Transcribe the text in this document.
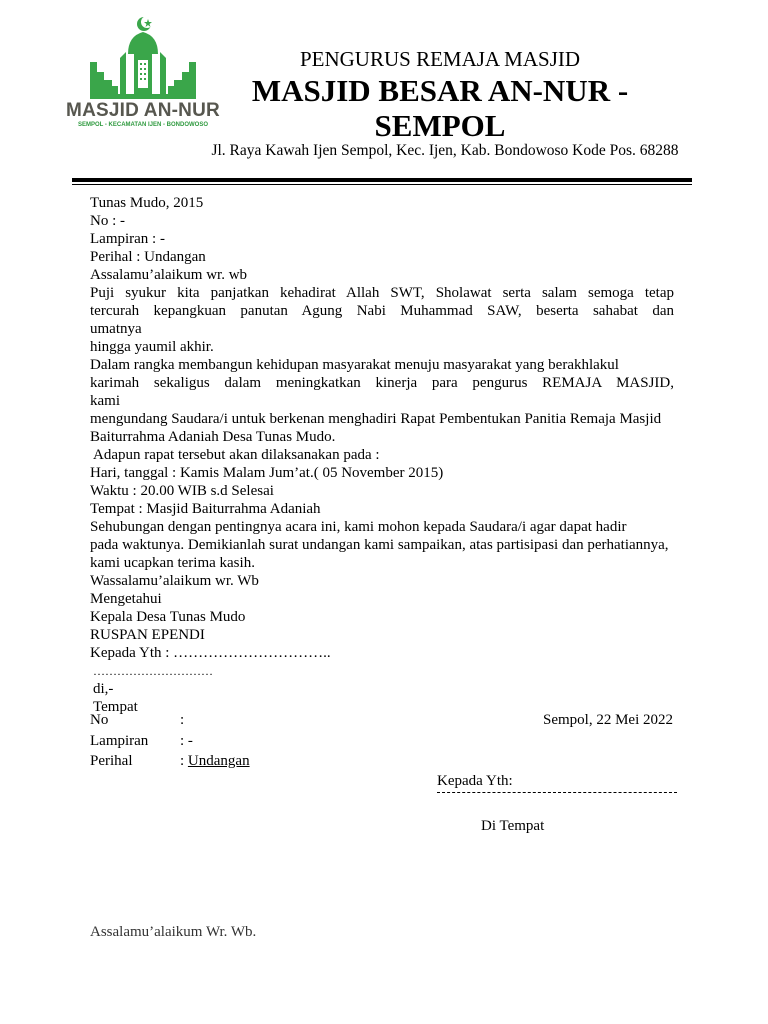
MASJID AN-NUR
SEMPOL - KECAMATAN IJEN - BONDOWOSO
PENGURUS REMAJA MASJID
MASJID BESAR AN-NUR -
SEMPOL
Jl. Raya Kawah Ijen Sempol, Kec. Ijen, Kab. Bondowoso Kode Pos. 68288

Tunas Mudo, 2015

No : -

Lampiran : -

Perihal : Undangan

Assalamu’alaikum wr. wb

Puji syukur kita panjatkan kehadirat Allah SWT, Sholawat serta salam semoga tetap

tercurah kepangkuan panutan Agung Nabi Muhammad SAW, beserta sahabat dan

umatnya

hingga yaumil akhir.

Dalam rangka membangun kehidupan masyarakat menuju masyarakat yang berakhlakul

karimah sekaligus dalam meningkatkan kinerja para pengurus REMAJA MASJID,

kami

mengundang Saudara/i untuk berkenan menghadiri Rapat Pembentukan Panitia Remaja Masjid

Baiturrahma Adaniah Desa Tunas Mudo.

Adapun rapat tersebut akan dilaksanakan pada :

Hari, tanggal : Kamis Malam Jum’at.( 05 November 2015)

Waktu : 20.00 WIB s.d Selesai

Tempat : Masjid Baiturrahma Adaniah

Sehubungan dengan pentingnya acara ini, kami mohon kepada Saudara/i agar dapat hadir

pada waktunya. Demikianlah surat undangan kami sampaikan, atas partisipasi dan perhatiannya,

kami ucapkan terima kasih.

Wassalamu’alaikum wr. Wb

Mengetahui

Kepala Desa Tunas Mudo

RUSPAN EPENDI

Kepada Yth : …………………………..

…………………………

di,-

Tempat

No	:	Sempol, 22 Mei 2022
Lampiran : -
Perihal	: Undangan
Kepada Yth:
Di Tempat
Assalamu’alaikum Wr. Wb.
